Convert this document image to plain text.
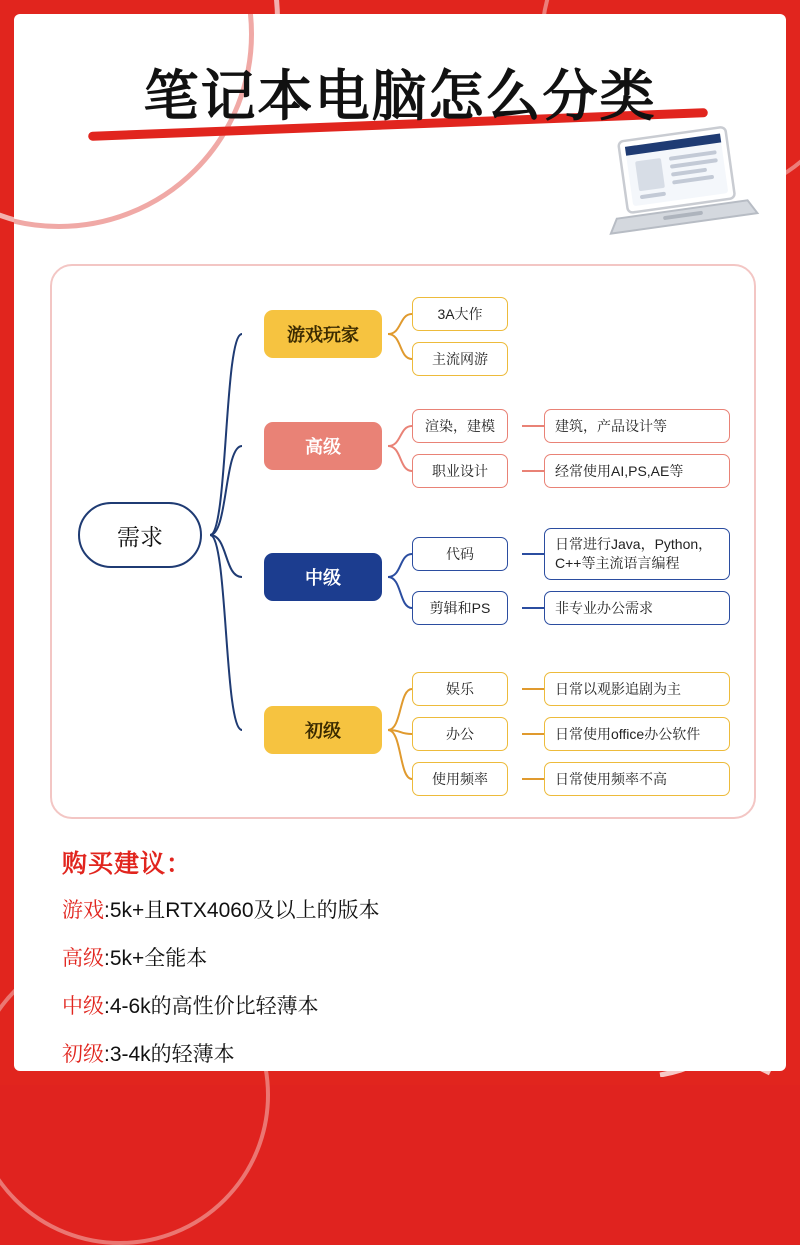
笔记本电脑怎么分类
需求
游戏玩家
3A大作
主流网游
高级
渲染，建模
职业设计
建筑，产品设计等
经常使用AI,PS,AE等
中级
代码
剪辑和PS
日常进行Java，Python，C++等主流语言编程
非专业办公需求
初级
娱乐
办公
使用频率
日常以观影追剧为主
日常使用office办公软件
日常使用频率不高
购买建议：
游戏:5k+且RTX4060及以上的版本
高级:5k+全能本
中级:4-6k的高性价比轻薄本
初级:3-4k的轻薄本
